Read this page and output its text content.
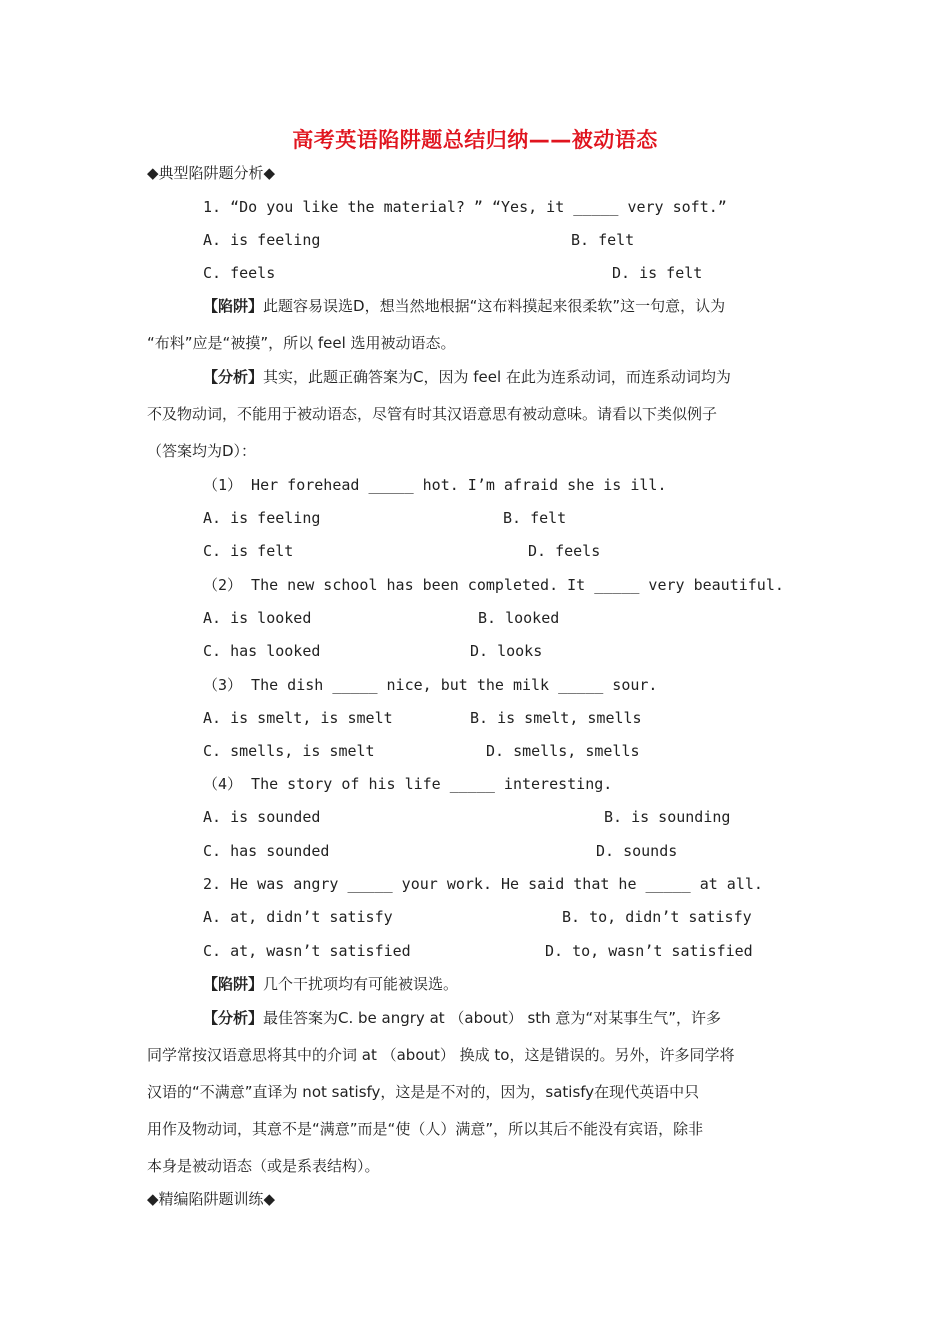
高考英语陷阱题总结归纳——被动语态
◆典型陷阱题分析◆
1. “Do you like the material? ” “Yes, it _____ very soft.”
A. is feeling	B. felt
C. feels	D. is felt
【陷阱】此题容易误选D，想当然地根据“这布料摸起来很柔软”这一句意，认为
“布料”应是“被摸”，所以 feel 选用被动语态。
【分析】其实，此题正确答案为C，因为 feel 在此为连系动词，而连系动词均为
不及物动词，不能用于被动语态，尽管有时其汉语意思有被动意味。请看以下类似例子
（答案均为D）：
（1） Her forehead _____ hot. I’m afraid she is ill.
A. is feeling	B. felt
C. is felt	D. feels
（2） The new school has been completed. It _____ very beautiful.
A. is looked	B. looked
C. has looked	D. looks
（3） The dish _____ nice, but the milk _____ sour.
A. is smelt, is smelt	B. is smelt, smells
C. smells, is smelt	D. smells, smells
（4） The story of his life _____ interesting.
A. is sounded	B. is sounding
C. has sounded	D. sounds
2. He was angry _____ your work. He said that he _____ at all.
A. at, didn’t satisfy	B. to, didn’t satisfy
C. at, wasn’t satisfied	D. to, wasn’t satisfied
【陷阱】几个干扰项均有可能被误选。
【分析】最佳答案为C. be angry at （about） sth 意为“对某事生气”，许多
同学常按汉语意思将其中的介词 at （about） 换成 to，这是错误的。另外，许多同学将
汉语的“不满意”直译为 not satisfy，这是是不对的，因为，satisfy在现代英语中只
用作及物动词，其意不是“满意”而是“使（人）满意”，所以其后不能没有宾语，除非
本身是被动语态（或是系表结构）。
◆精编陷阱题训练◆
